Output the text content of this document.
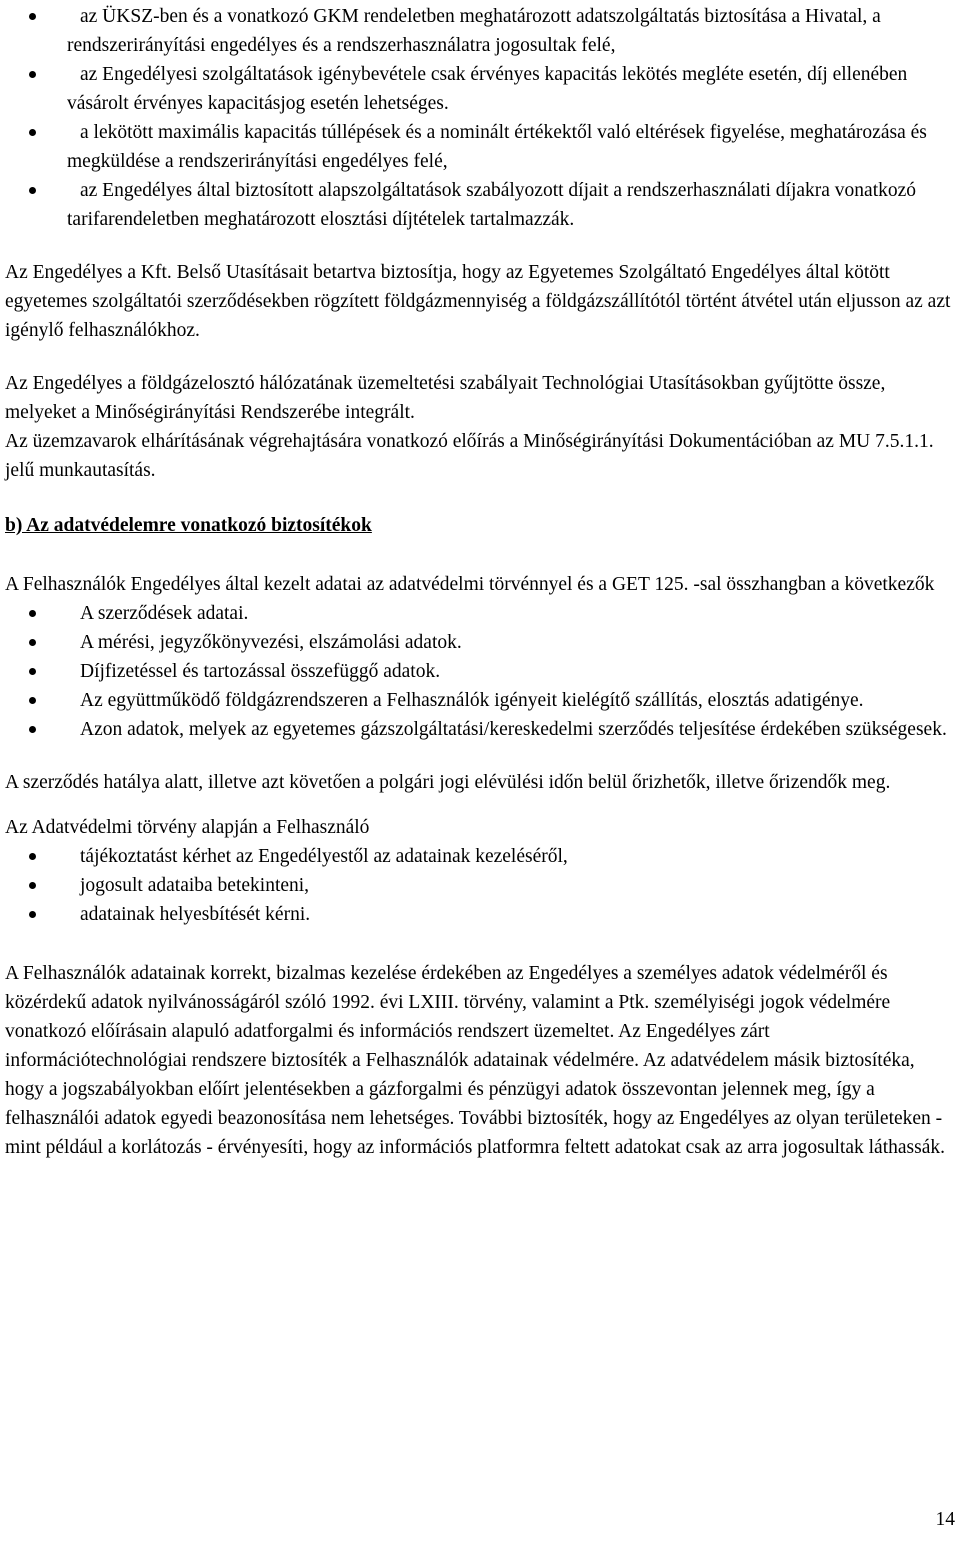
az ÜKSZ-ben és a vonatkozó GKM rendeletben meghatározott adatszolgáltatás biztosítása a Hivatal, a rendszerirányítási engedélyes és a rendszerhasználatra jogosultak felé,
az Engedélyesi szolgáltatások igénybevétele csak érvényes kapacitás lekötés megléte esetén, díj ellenében vásárolt érvényes kapacitásjog esetén lehetséges.
a lekötött maximális kapacitás túllépések és a nominált értékektől való eltérések figyelése, meghatározása és megküldése a rendszerirányítási engedélyes felé,
az Engedélyes által biztosított alapszolgáltatások szabályozott díjait a rendszerhasználati díjakra vonatkozó tarifarendeletben meghatározott elosztási díjtételek tartalmazzák.

Az Engedélyes a Kft. Belső Utasításait betartva biztosítja, hogy az Egyetemes Szolgáltató Engedélyes által kötött egyetemes szolgáltatói szerződésekben rögzített földgázmennyiség a földgázszállítótól történt átvétel után eljusson az azt igénylő felhasználókhoz.

Az Engedélyes a földgázelosztó hálózatának üzemeltetési szabályait Technológiai Utasításokban gyűjtötte össze, melyeket a Minőségirányítási Rendszerébe integrált.

Az üzemzavarok elhárításának végrehajtására vonatkozó előírás a Minőségirányítási Dokumentációban az MU 7.5.1.1. jelű munkautasítás.

b) Az adatvédelemre vonatkozó biztosítékok

A Felhasználók Engedélyes által kezelt adatai az adatvédelmi törvénnyel és a GET 125. -sal összhangban a következők

A szerződések adatai.
A mérési, jegyzőkönyvezési, elszámolási adatok.
Díjfizetéssel és tartozással összefüggő adatok.
Az együttműködő földgázrendszeren a Felhasználók igényeit kielégítő szállítás, elosztás adatigénye.
Azon adatok, melyek az egyetemes gázszolgáltatási/kereskedelmi szerződés teljesítése érdekében szükségesek.

A szerződés hatálya alatt, illetve azt követően a polgári jogi elévülési időn belül őrizhetők, illetve őrizendők meg.

Az Adatvédelmi törvény alapján a Felhasználó

tájékoztatást kérhet az Engedélyestől az adatainak kezeléséről,
jogosult adataiba betekinteni,
adatainak helyesbítését kérni.

A Felhasználók adatainak korrekt, bizalmas kezelése érdekében az Engedélyes a személyes adatok védelméről és közérdekű adatok nyilvánosságáról szóló 1992. évi LXIII. törvény, valamint a Ptk. személyiségi jogok védelmére vonatkozó előírásain alapuló adatforgalmi és információs rendszert üzemeltet. Az Engedélyes zárt információtechnológiai rendszere biztosíték a Felhasználók adatainak védelmére. Az adatvédelem másik biztosítéka, hogy a jogszabályokban előírt jelentésekben a gázforgalmi és pénzügyi adatok összevontan jelennek meg, így a felhasználói adatok egyedi beazonosítása nem lehetséges. További biztosíték, hogy az Engedélyes az olyan területeken - mint például a korlátozás - érvényesíti, hogy az információs platformra feltett adatokat csak az arra jogosultak láthassák.

14
